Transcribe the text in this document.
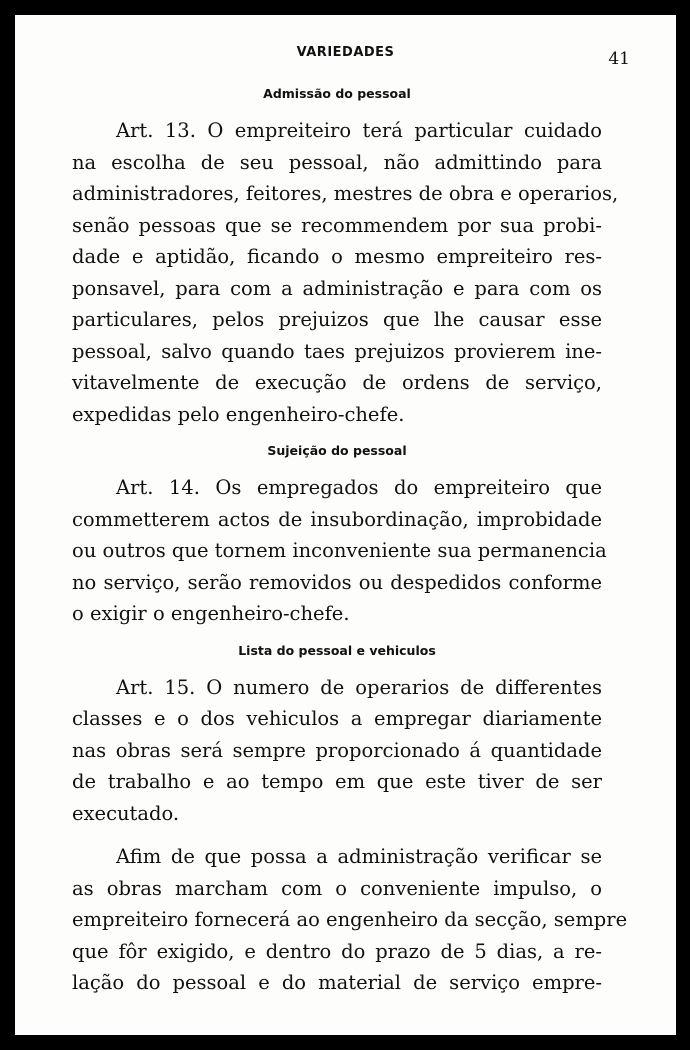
VARIEDADES	41
Admissão do pessoal
Art. 13. O empreiteiro terá particular cuidado
na escolha de seu pessoal, não admittindo para
administradores, feitores, mestres de obra e operarios,
senão pessoas que se recommendem por sua probi-
dade e aptidão, ficando o mesmo empreiteiro res-
ponsavel, para com a administração e para com os
particulares, pelos prejuizos que lhe causar esse
pessoal, salvo quando taes prejuizos provierem ine-
vitavelmente de execução de ordens de serviço,
expedidas pelo engenheiro-chefe.
Sujeição do pessoal
Art. 14. Os empregados do empreiteiro que
commetterem actos de insubordinação, improbidade
ou outros que tornem inconveniente sua permanencia
no serviço, serão removidos ou despedidos conforme
o exigir o engenheiro-chefe.
Lista do pessoal e vehiculos
Art. 15. O numero de operarios de differentes
classes e o dos vehiculos a empregar diariamente
nas obras será sempre proporcionado á quantidade
de trabalho e ao tempo em que este tiver de ser
executado.
Afim de que possa a administração verificar se
as obras marcham com o conveniente impulso, o
empreiteiro fornecerá ao engenheiro da secção, sempre
que fôr exigido, e dentro do prazo de 5 dias, a re-
lação do pessoal e do material de serviço empre-
